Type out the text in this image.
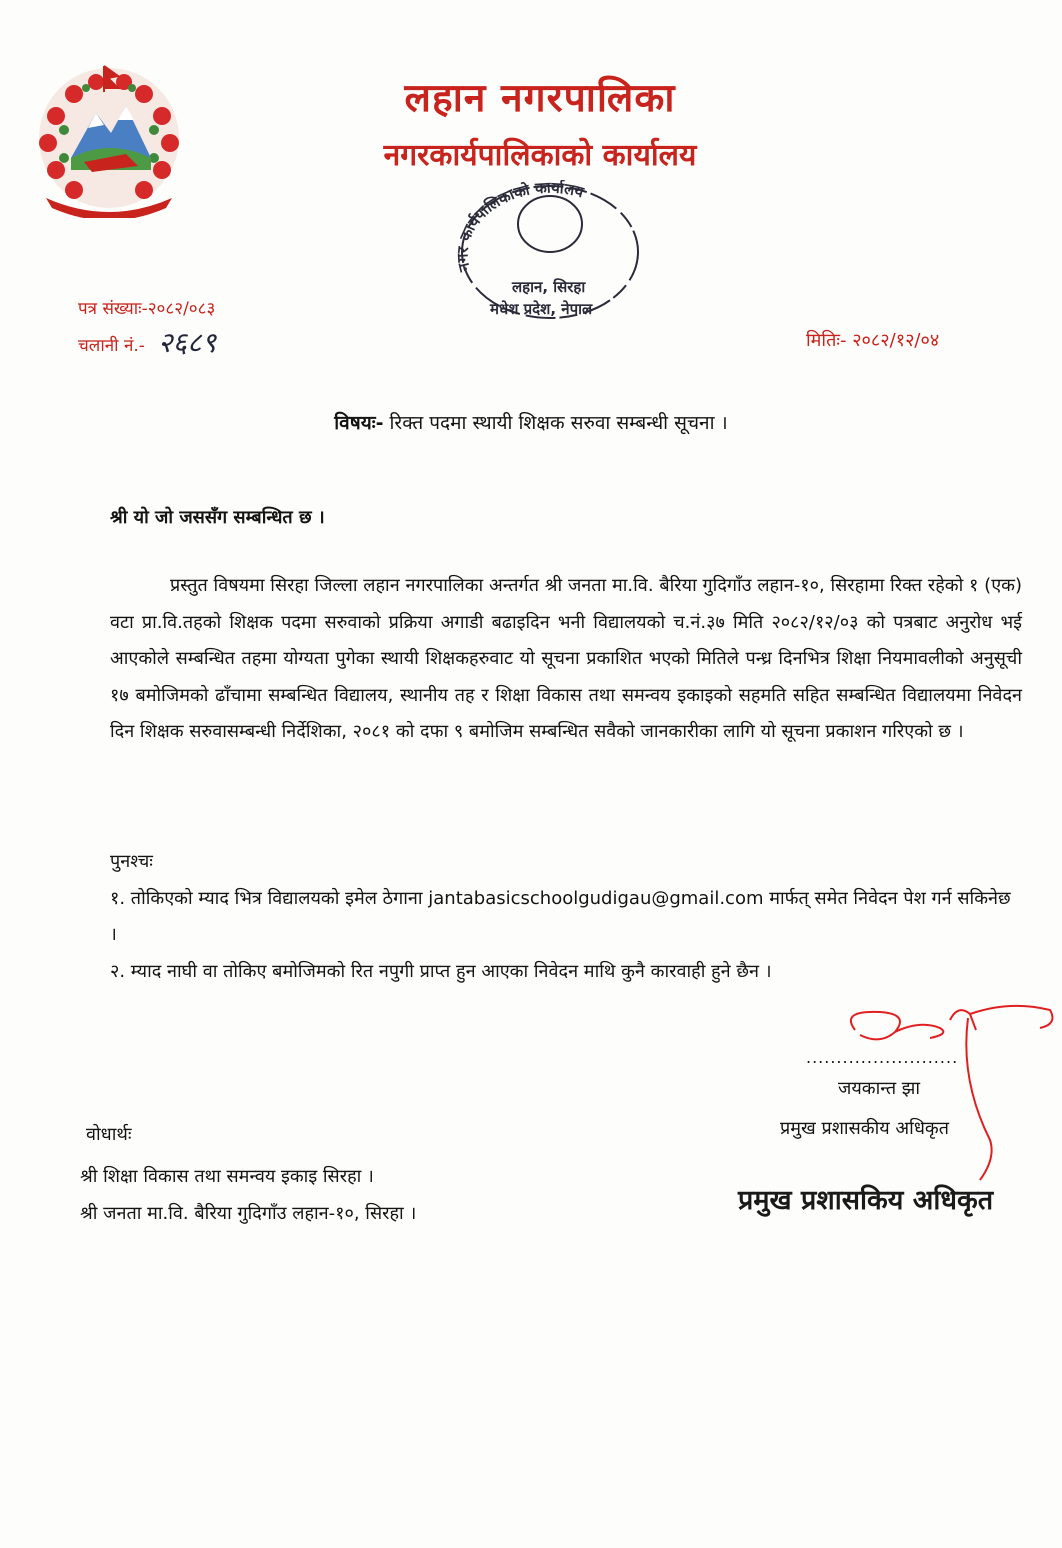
लहान नगरपालिका
नगरकार्यपालिकाको कार्यालय
नगर कार्यपालिकाको कार्यालय
लहान, सिरहा
मधेश प्रदेश, नेपाल
पत्र संख्याः-२०८२/०८३
चलानी नं.- २६८९	मितिः- २०८२/१२/०४
विषयः- रिक्त पदमा स्थायी शिक्षक सरुवा सम्बन्धी सूचना ।
श्री यो जो जससँग सम्बन्धित छ ।

प्रस्तुत विषयमा सिरहा जिल्ला लहान नगरपालिका अन्तर्गत श्री जनता मा.वि. बैरिया गुदिगाँउ लहान-१०, सिरहामा रिक्त रहेको १ (एक) वटा प्रा.वि.तहको शिक्षक पदमा सरुवाको प्रक्रिया अगाडी बढाइदिन भनी विद्यालयको च.नं.३७ मिति २०८२/१२/०३ को पत्रबाट अनुरोध भई आएकोले सम्बन्धित तहमा योग्यता पुगेका स्थायी शिक्षकहरुवाट यो सूचना प्रकाशित भएको मितिले पन्ध्र दिनभित्र शिक्षा नियमावलीको अनुसूची १७ बमोजिमको ढाँचामा सम्बन्धित विद्यालय, स्थानीय तह र शिक्षा विकास तथा समन्वय इकाइको सहमति सहित सम्बन्धित विद्यालयमा निवेदन दिन शिक्षक सरुवासम्बन्धी निर्देशिका, २०८१ को दफा ९ बमोजिम सम्बन्धित सवैको जानकारीका लागि यो सूचना प्रकाशन गरिएको छ ।

पुनश्चः
१. तोकिएको म्याद भित्र विद्यालयको इमेल ठेगाना jantabasicschoolgudigau@gmail.com मार्फत् समेत निवेदन पेश गर्न सकिनेछ ।
२. म्याद नाघी वा तोकिए बमोजिमको रित नपुगी प्राप्त हुन आएका निवेदन माथि कुनै कारवाही हुने छैन ।
.........................
जयकान्त झा
प्रमुख प्रशासकीय अधिकृत
प्रमुख प्रशासकिय अधिकृत
वोधार्थः
श्री शिक्षा विकास तथा समन्वय इकाइ सिरहा ।
श्री जनता मा.वि. बैरिया गुदिगाँउ लहान-१०, सिरहा ।
